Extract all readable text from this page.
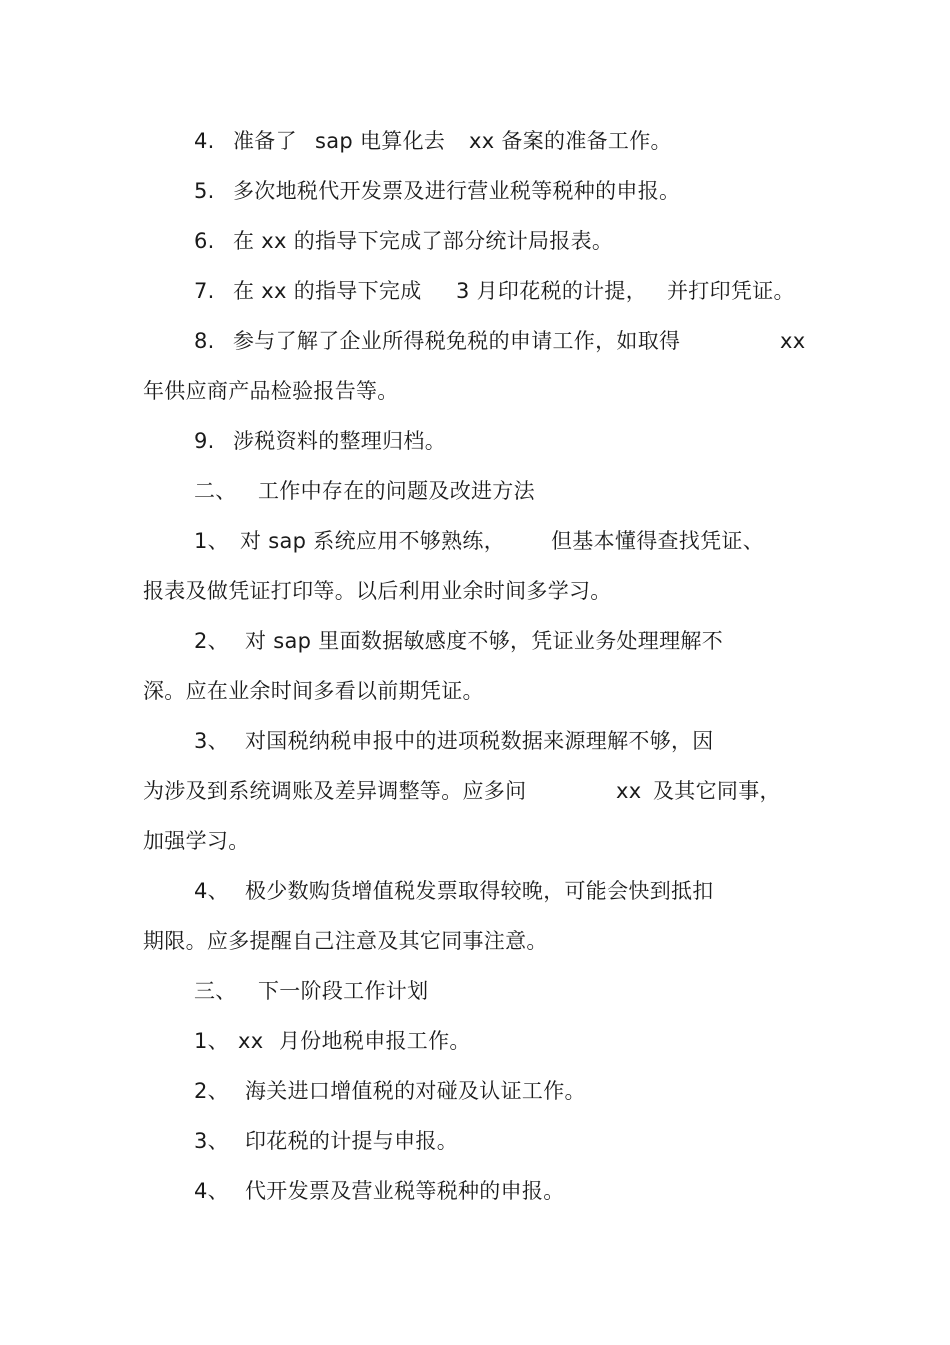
4. 准备了 sap 电算化去 xx 备案的准备工作。
5. 多次地税代开发票及进行营业税等税种的申报。
6. 在 xx 的指导下完成了部分统计局报表。
7. 在 xx 的指导下完成 3 月印花税的计提， 并打印凭证。
8. 参与了解了企业所得税免税的申请工作，如取得	xx
年供应商产品检验报告等。
9. 涉税资料的整理归档。
二、 工作中存在的问题及改进方法
1、 对 sap 系统应用不够熟练， 但基本懂得查找凭证、
报表及做凭证打印等。以后利用业余时间多学习。
2、 对 sap 里面数据敏感度不够，凭证业务处理理解不
深。应在业余时间多看以前期凭证。
3、 对国税纳税申报中的进项税数据来源理解不够，因
为涉及到系统调账及差异调整等。应多问	xx 及其它同事，
加强学习。
4、 极少数购货增值税发票取得较晚，可能会快到抵扣
期限。应多提醒自己注意及其它同事注意。
三、 下一阶段工作计划
1、 xx 月份地税申报工作。
2、 海关进口增值税的对碰及认证工作。
3、 印花税的计提与申报。
4、 代开发票及营业税等税种的申报。
